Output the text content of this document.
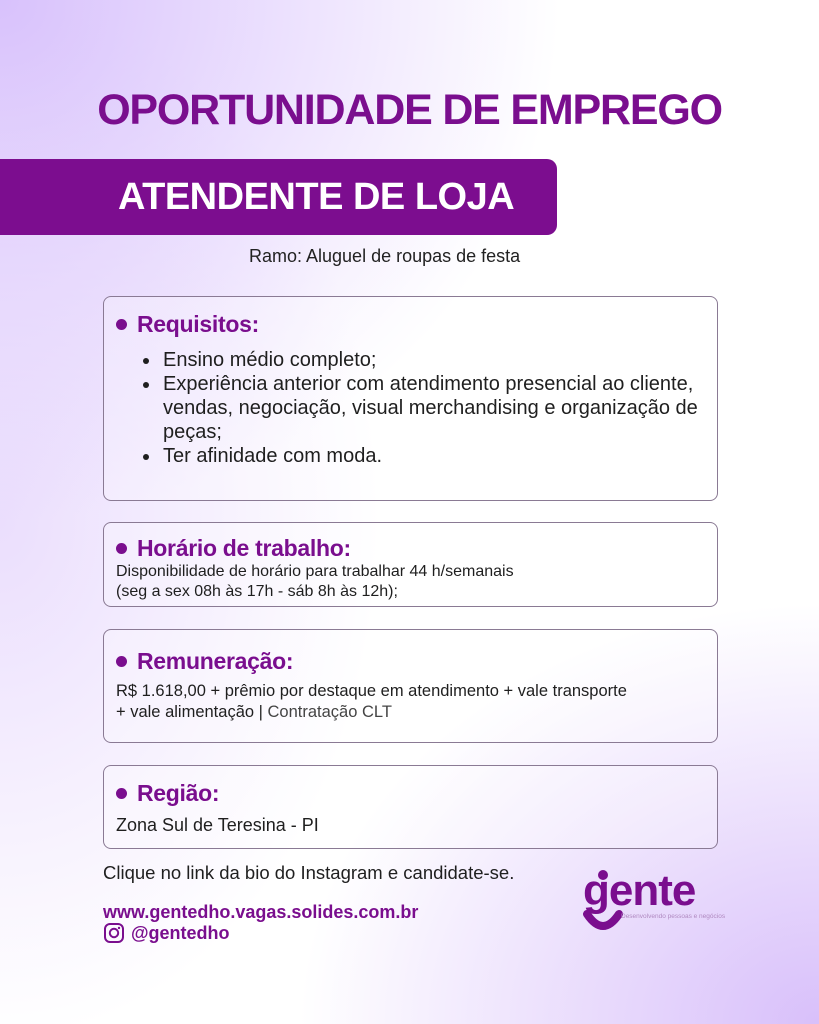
OPORTUNIDADE DE EMPREGO
ATENDENTE DE LOJA
Ramo: Aluguel de roupas de festa
Requisitos:
Ensino médio completo;
Experiência anterior com atendimento presencial ao cliente, vendas, negociação, visual merchandising e organização de peças;
Ter afinidade com moda.
Horário de trabalho:
Disponibilidade de horário para trabalhar 44 h/semanais
(seg a sex 08h às 17h - sáb 8h às 12h);
Remuneração:
R$ 1.618,00 + prêmio por destaque em atendimento + vale transporte
+ vale alimentação | Contratação CLT
Região:
Zona Sul de Teresina - PI
Clique no link da bio do Instagram e candidate-se.
www.gentedho.vagas.solides.com.br
@gentedho
gente
Desenvolvendo pessoas e negócios
